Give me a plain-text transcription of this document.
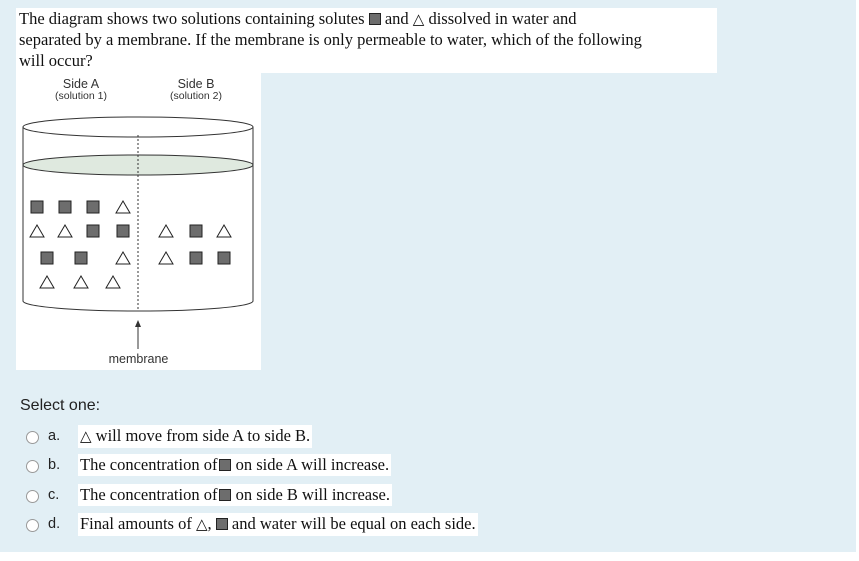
The diagram shows two solutions containing solutes and △ dissolved in water and
separated by a membrane. If the membrane is only permeable to water, which of the following
will occur?
Side A
(solution 1)
Side B
(solution 2)
membrane
Select one:
a. △ will move from side A to side B.
b. The concentration of on side A will increase.
c. The concentration of on side B will increase.
d. Final amounts of △, and water will be equal on each side.
